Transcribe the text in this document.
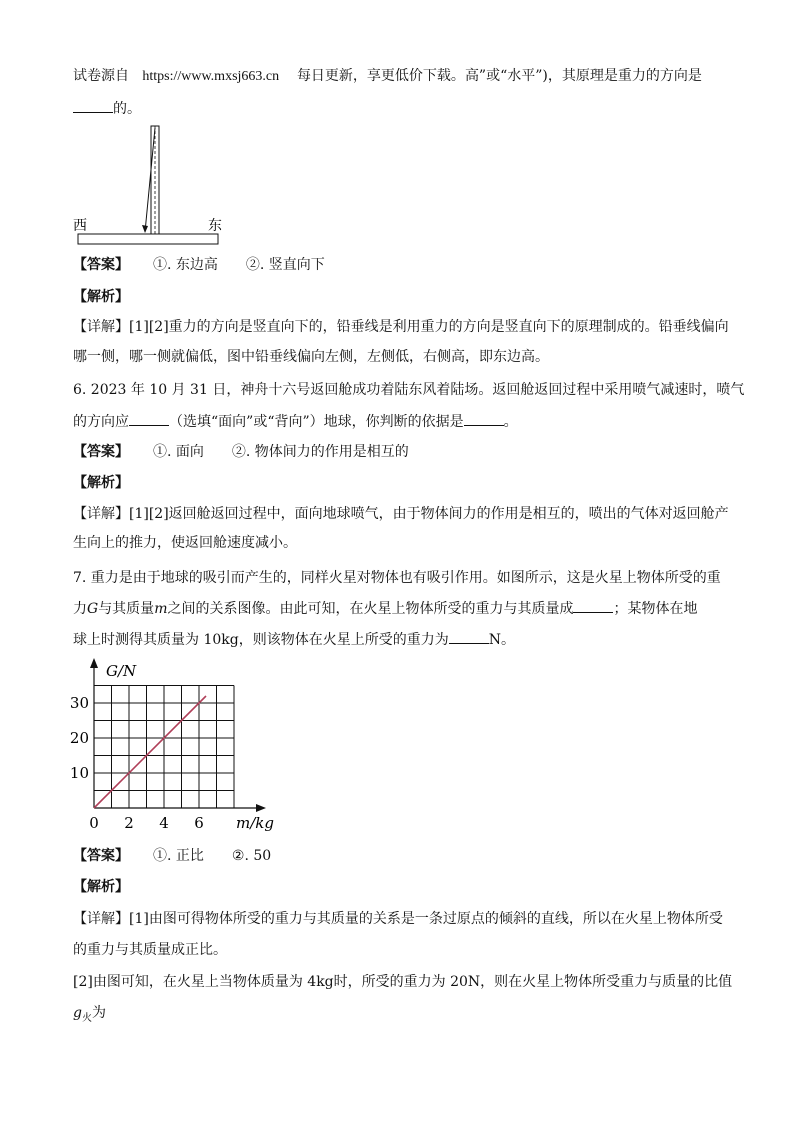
试卷源自 https://www.mxsj663.cn 每日更新，享更低价下载。高”或“水平”)，其原理是重力的方向是
的。
西	东
【答案】 ①. 东边高 ②. 竖直向下
【解析】
【详解】[1][2]重力的方向是竖直向下的，铅垂线是利用重力的方向是竖直向下的原理制成的。铅垂线偏向
哪一侧，哪一侧就偏低，图中铅垂线偏向左侧，左侧低，右侧高，即东边高。
6. 2023 年 10 月 31 日，神舟十六号返回舱成功着陆东风着陆场。返回舱返回过程中采用喷气减速时，喷气
的方向应	（选填“面向”或“背向”）地球，你判断的依据是	。
【答案】 ①. 面向 ②. 物体间力的作用是相互的
【解析】
【详解】[1][2]返回舱返回过程中，面向地球喷气，由于物体间力的作用是相互的，喷出的气体对返回舱产
生向上的推力，使返回舱速度减小。
7. 重力是由于地球的吸引而产生的，同样火星对物体也有吸引作用。如图所示，这是火星上物体所受的重
力G与其质量m之间的关系图像。由此可知，在火星上物体所受的重力与其质量成	；某物体在地
球上时测得其质量为 10kg，则该物体在火星上所受的重力为	N。
0 2 4 6
10
20
30
G/N
m/kg
【答案】 ①. 正比 ②. 50
【解析】
【详解】[1]由图可得物体所受的重力与其质量的关系是一条过原点的倾斜的直线，所以在火星上物体所受
的重力与其质量成正比。
[2]由图可知，在火星上当物体质量为 4kg时，所受的重力为 20N，则在火星上物体所受重力与质量的比值
$g_火$为
